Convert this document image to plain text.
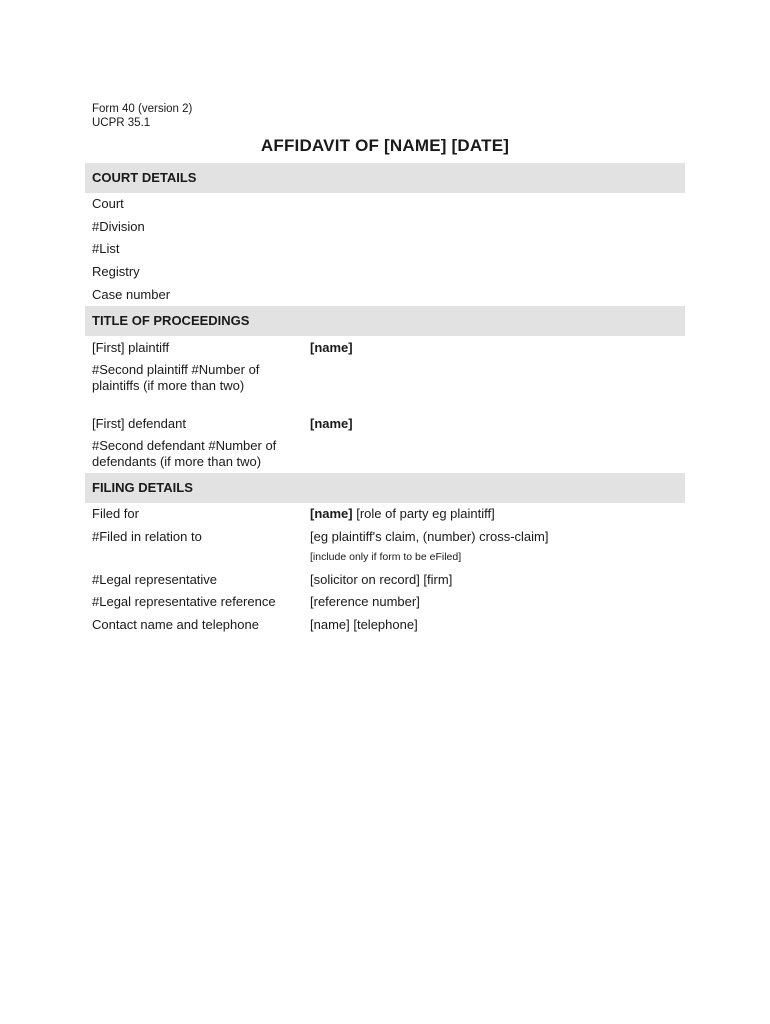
Form 40 (version 2)
UCPR 35.1
AFFIDAVIT OF [NAME] [DATE]
COURT DETAILS
Court
#Division
#List
Registry
Case number
TITLE OF PROCEEDINGS
[First] plaintiff	[name]
#Second plaintiff #Number of plaintiffs (if more than two)
[First] defendant	[name]
#Second defendant #Number of defendants (if more than two)
FILING DETAILS
Filed for	[name] [role of party eg plaintiff]
#Filed in relation to	[eg plaintiff's claim, (number) cross-claim]
[include only if form to be eFiled]
#Legal representative	[solicitor on record] [firm]
#Legal representative reference	[reference number]
Contact name and telephone	[name] [telephone]
